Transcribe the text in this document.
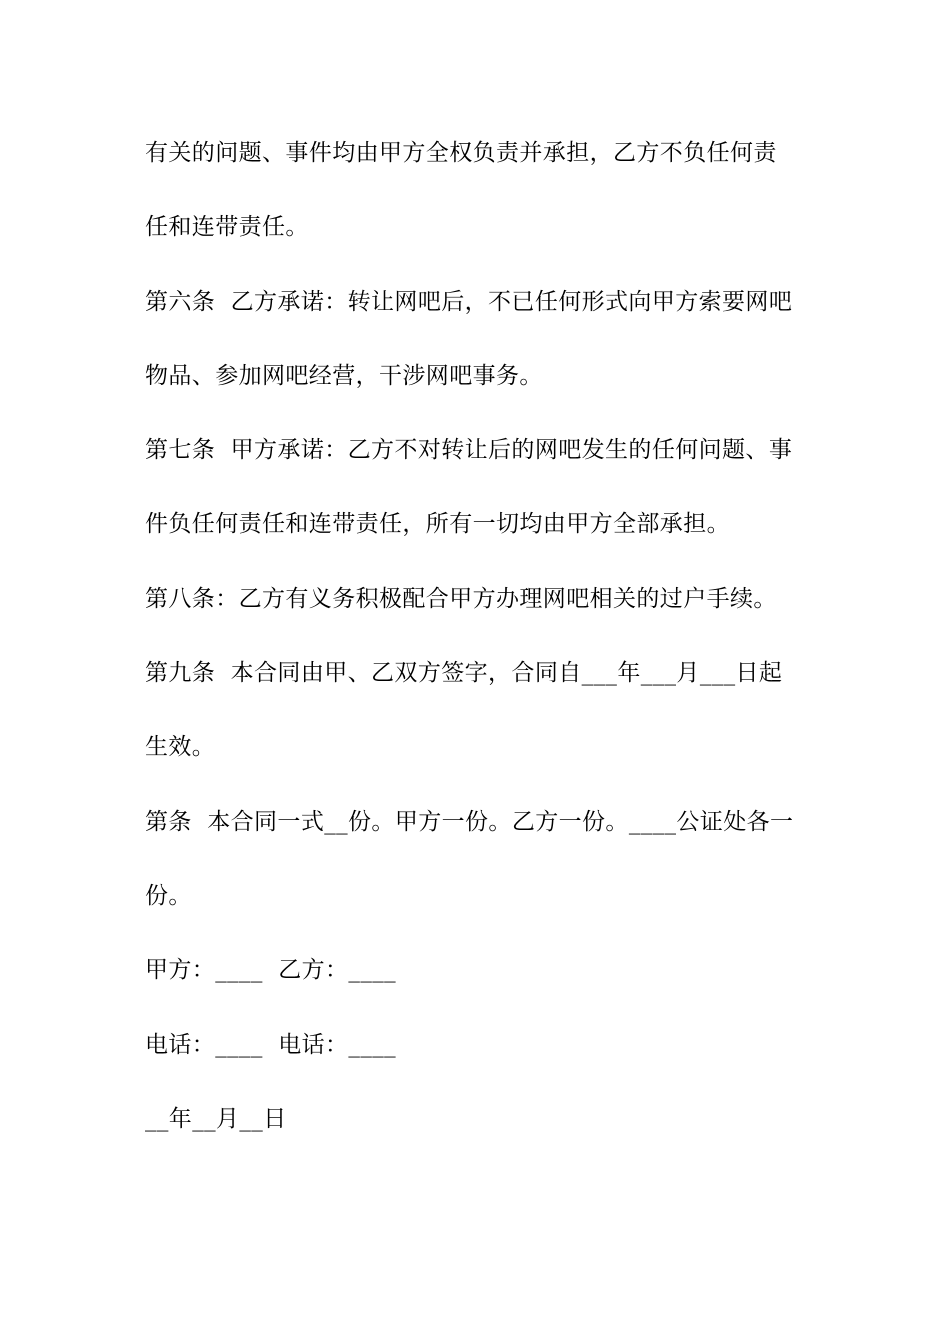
有关的问题、事件均由甲方全权负责并承担，乙方不负任何责
任和连带责任。
第六条  乙方承诺：转让网吧后，不已任何形式向甲方索要网吧
物品、参加网吧经营，干涉网吧事务。
第七条  甲方承诺：乙方不对转让后的网吧发生的任何问题、事
件负任何责任和连带责任，所有一切均由甲方全部承担。
第八条：乙方有义务积极配合甲方办理网吧相关的过户手续。
第九条  本合同由甲、乙双方签字，合同自___年___月___日起
生效。
第条  本合同一式__份。甲方一份。乙方一份。____公证处各一
份。
甲方：____  乙方：____
电话：____  电话：____
__年__月__日
